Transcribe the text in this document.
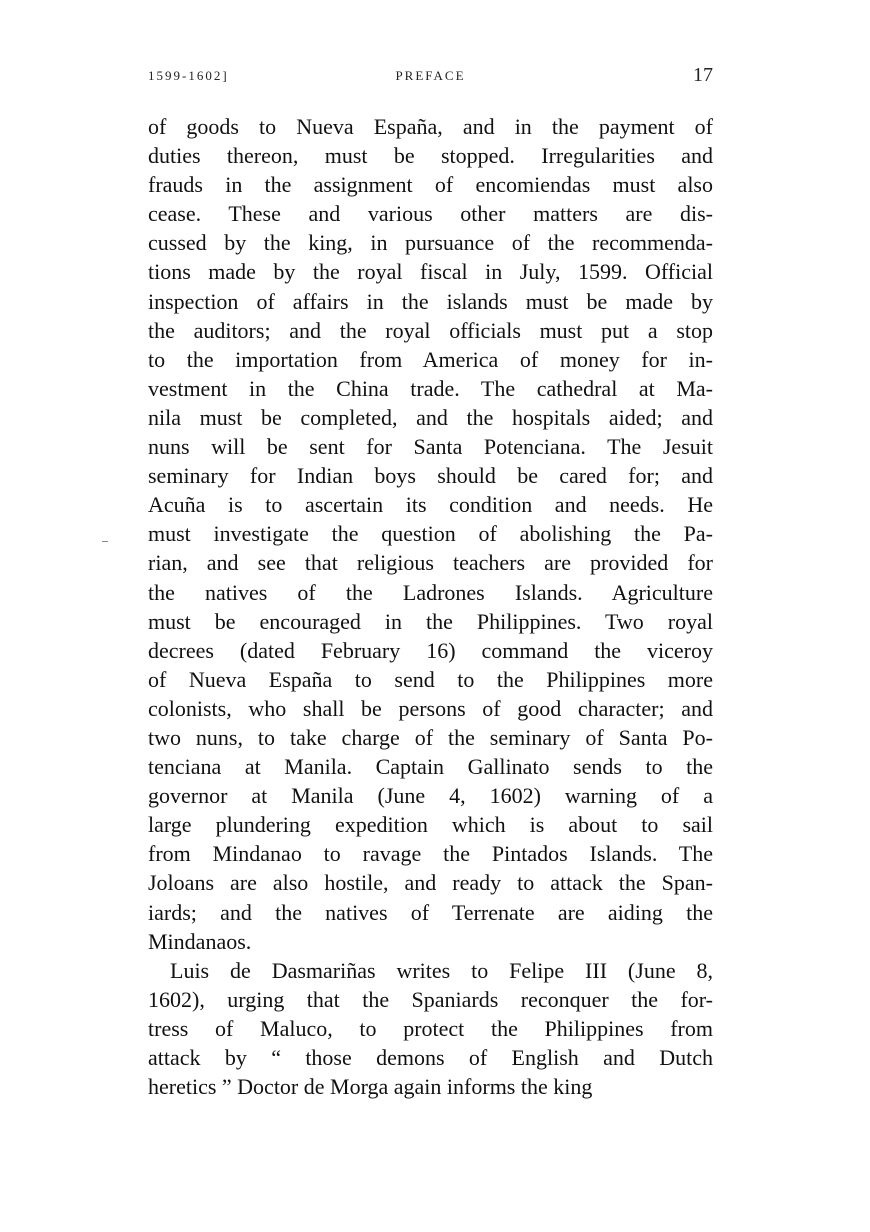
1599-1602]	PREFACE	17
of goods to Nueva España, and in the payment of
duties thereon, must be stopped. Irregularities and
frauds in the assignment of encomiendas must also
cease. These and various other matters are dis-
cussed by the king, in pursuance of the recommenda-
tions made by the royal fiscal in July, 1599. Official
inspection of affairs in the islands must be made by
the auditors; and the royal officials must put a stop
to the importation from America of money for in-
vestment in the China trade. The cathedral at Ma-
nila must be completed, and the hospitals aided; and
nuns will be sent for Santa Potenciana. The Jesuit
seminary for Indian boys should be cared for; and
Acuña is to ascertain its condition and needs. He
must investigate the question of abolishing the Pa-
rian, and see that religious teachers are provided for
the natives of the Ladrones Islands. Agriculture
must be encouraged in the Philippines. Two royal
decrees (dated February 16) command the viceroy
of Nueva España to send to the Philippines more
colonists, who shall be persons of good character; and
two nuns, to take charge of the seminary of Santa Po-
tenciana at Manila. Captain Gallinato sends to the
governor at Manila (June 4, 1602) warning of a
large plundering expedition which is about to sail
from Mindanao to ravage the Pintados Islands. The
Joloans are also hostile, and ready to attack the Span-
iards; and the natives of Terrenate are aiding the
Mindanaos.
Luis de Dasmariñas writes to Felipe III (June 8,
1602), urging that the Spaniards reconquer the for-
tress of Maluco, to protect the Philippines from
attack by “ those demons of English and Dutch
heretics ” Doctor de Morga again informs the king
